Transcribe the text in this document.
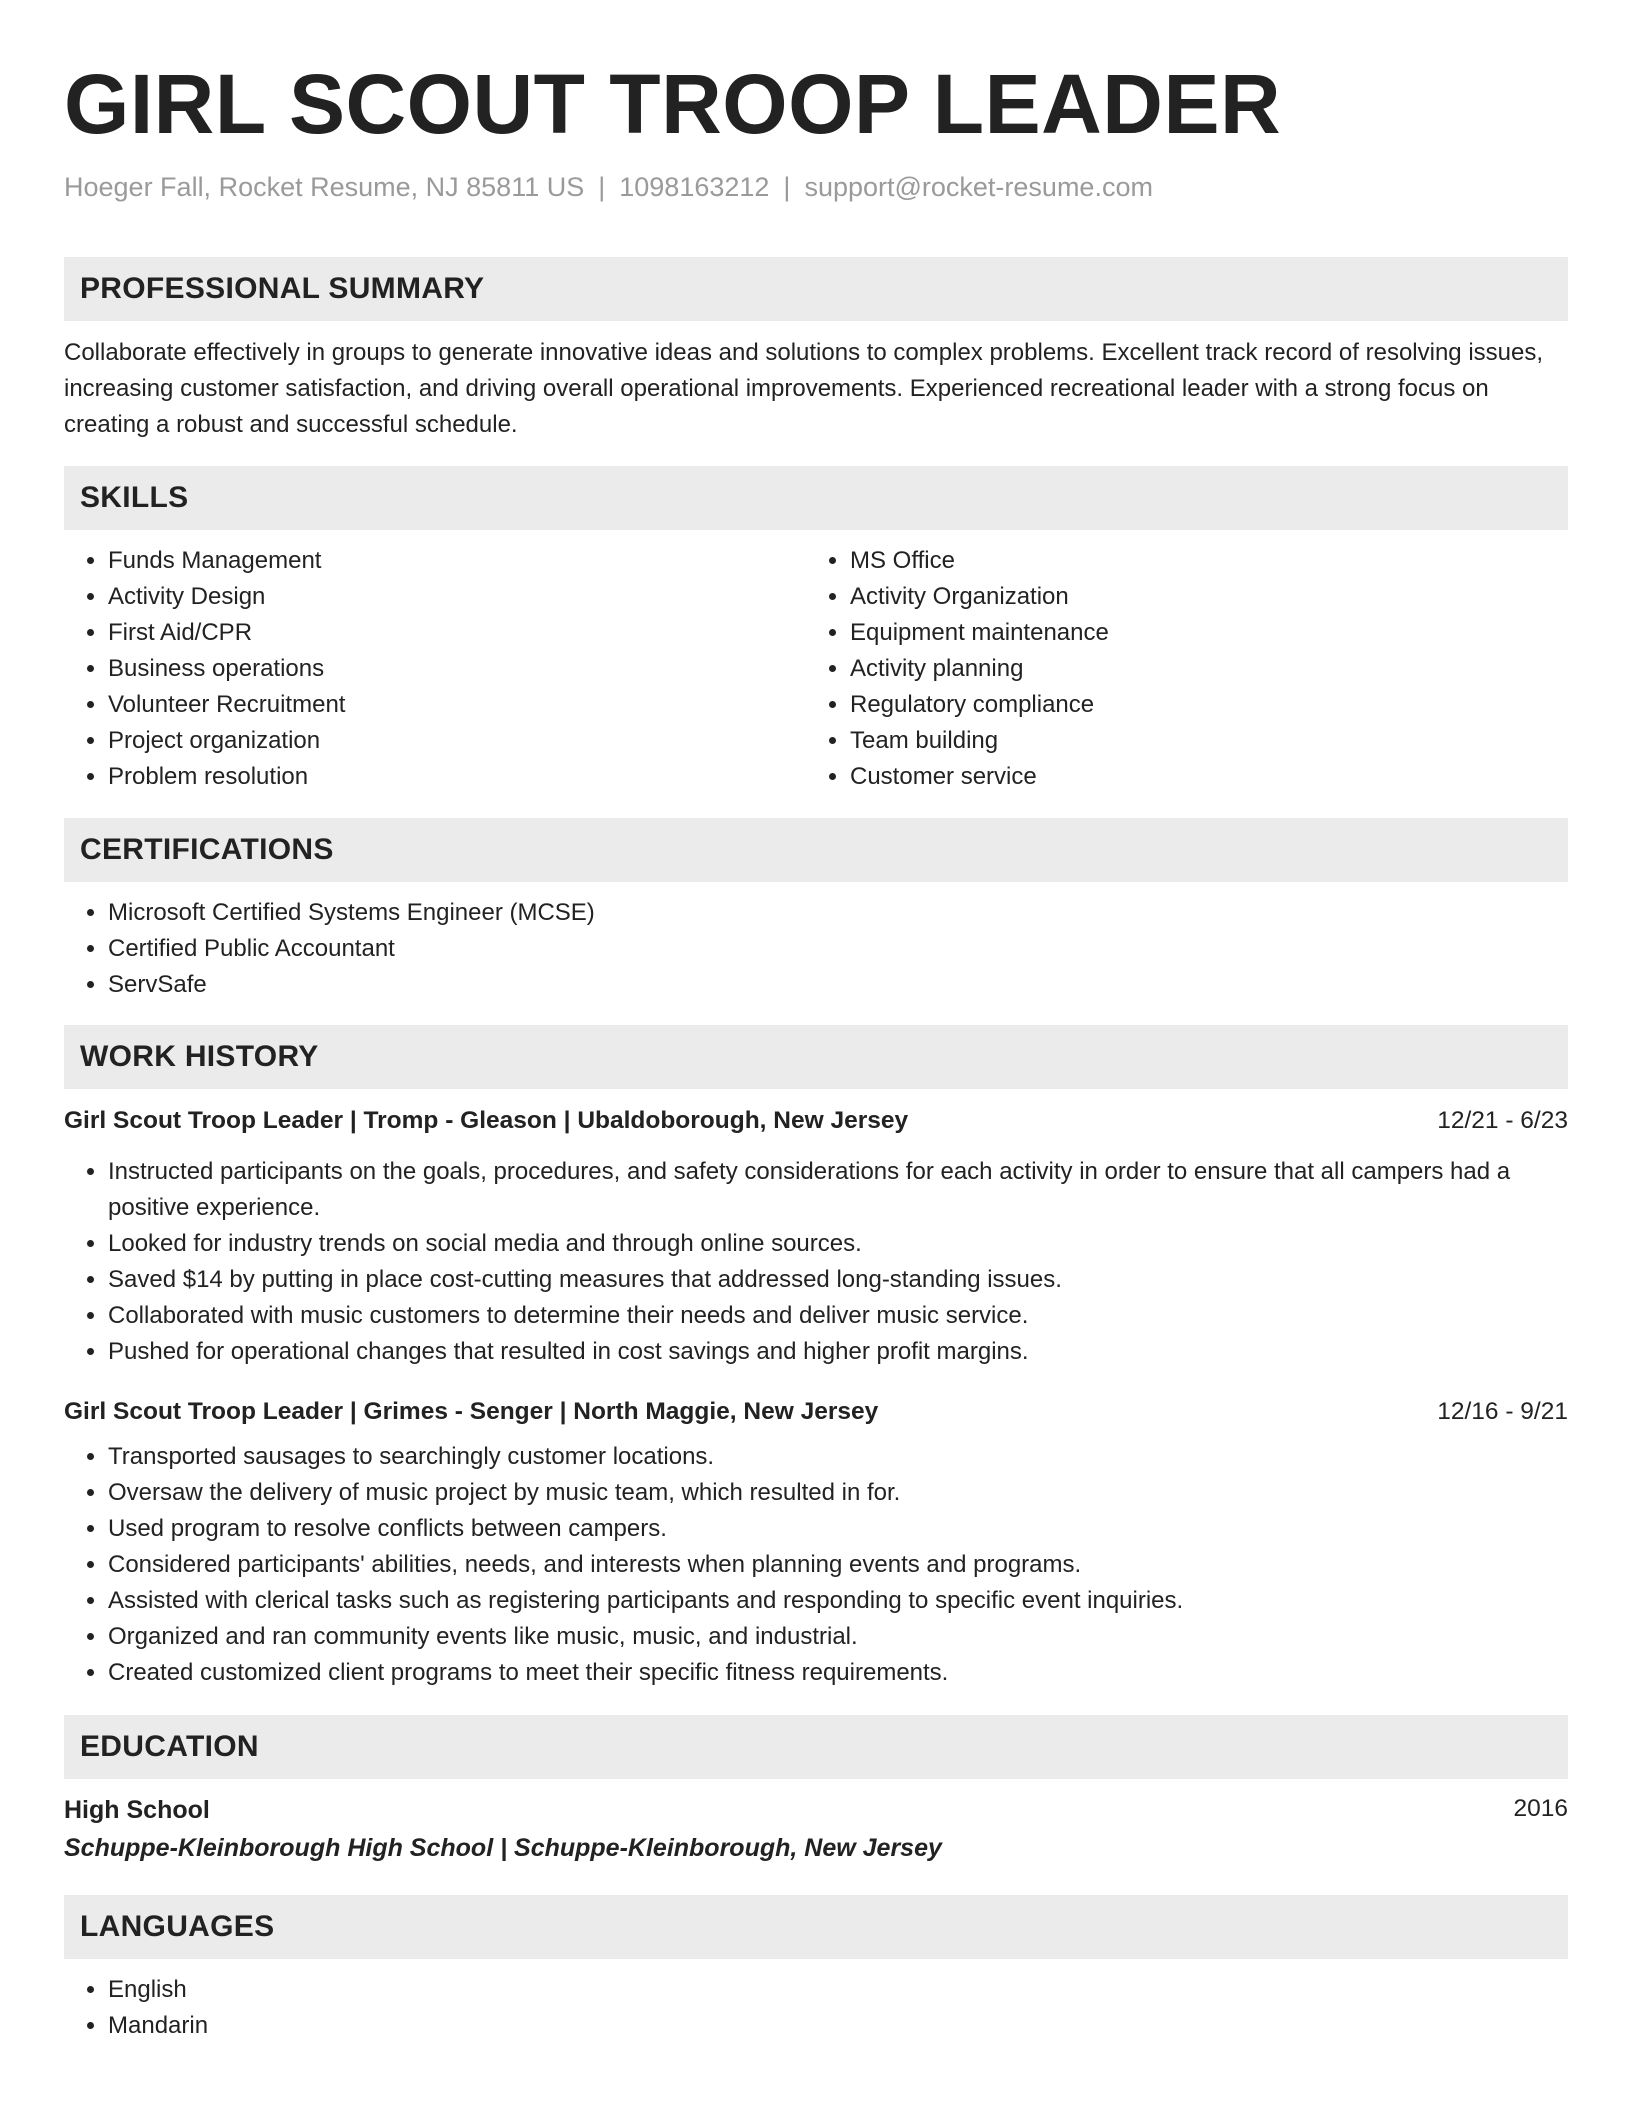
GIRL SCOUT TROOP LEADER
Hoeger Fall, Rocket Resume, NJ 85811 US | 1098163212 | support@rocket-resume.com
PROFESSIONAL SUMMARY

Collaborate effectively in groups to generate innovative ideas and solutions to complex problems. Excellent track record of resolving issues, increasing customer satisfaction, and driving overall operational improvements. Experienced recreational leader with a strong focus on creating a robust and successful schedule.

SKILLS
• Funds Management
• Activity Design
• First Aid/CPR
• Business operations
• Volunteer Recruitment
• Project organization
• Problem resolution
• MS Office
• Activity Organization
• Equipment maintenance
• Activity planning
• Regulatory compliance
• Team building
• Customer service
CERTIFICATIONS
• Microsoft Certified Systems Engineer (MCSE)
• Certified Public Accountant
• ServSafe
WORK HISTORY
Girl Scout Troop Leader | Tromp - Gleason | Ubaldoborough, New Jersey	12/21 - 6/23
• Instructed participants on the goals, procedures, and safety considerations for each activity in order to ensure that all campers had a positive experience.
• Looked for industry trends on social media and through online sources.
• Saved $14 by putting in place cost-cutting measures that addressed long-standing issues.
• Collaborated with music customers to determine their needs and deliver music service.
• Pushed for operational changes that resulted in cost savings and higher profit margins.
Girl Scout Troop Leader | Grimes - Senger | North Maggie, New Jersey	12/16 - 9/21
• Transported sausages to searchingly customer locations.
• Oversaw the delivery of music project by music team, which resulted in for.
• Used program to resolve conflicts between campers.
• Considered participants' abilities, needs, and interests when planning events and programs.
• Assisted with clerical tasks such as registering participants and responding to specific event inquiries.
• Organized and ran community events like music, music, and industrial.
• Created customized client programs to meet their specific fitness requirements.
EDUCATION
High School	2016
Schuppe-Kleinborough High School | Schuppe-Kleinborough, New Jersey
LANGUAGES
• English
• Mandarin
